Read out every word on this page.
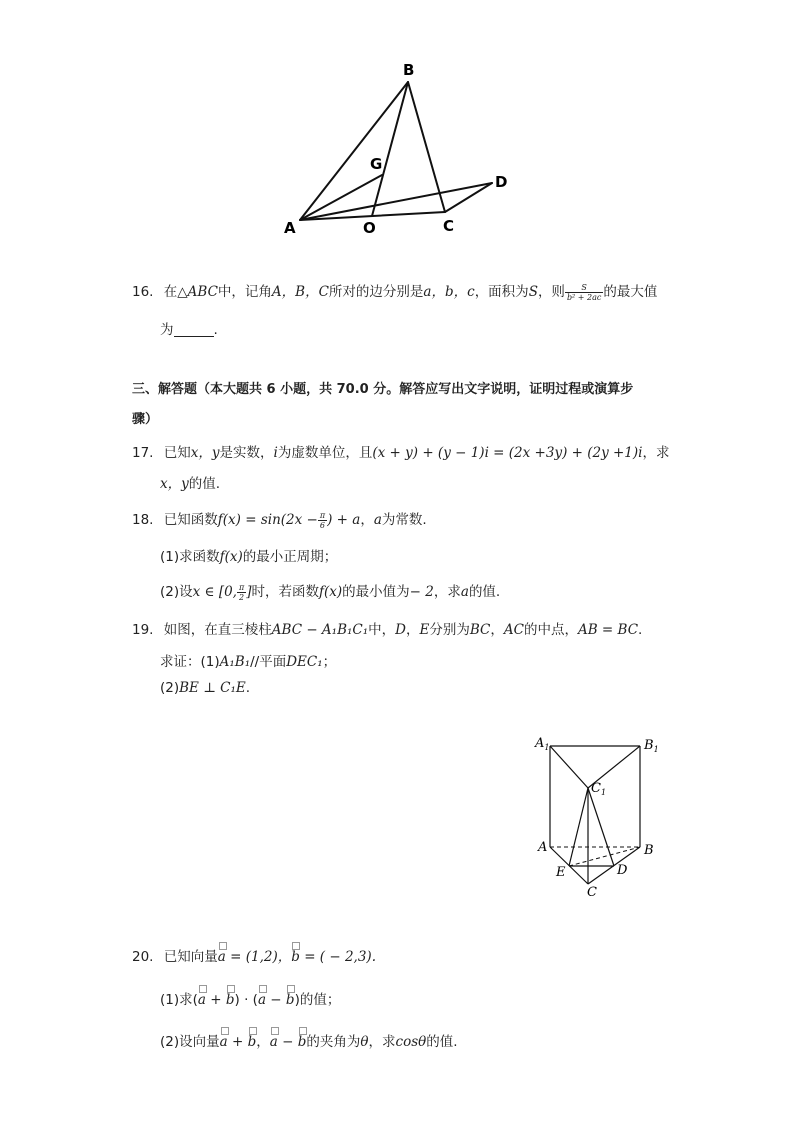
B
G
D
A	O	C
16. 在△ABC中，记角A，B，C所对的边分别是a，b，c，面积为S，则 $\frac{S}{\text{b² + 2ac}}$ 的最大值
为	.
三、解答题（本大题共 6 小题，共 70.0 分。解答应写出文字说明，证明过程或演算步
骤）
17. 已知x，y是实数，i为虚数单位，且(x + y) + (y − 1)i = (2x +3y) + (2y +1)i，求
x，y的值.
18. 已知函数$f(x) = \sin(2x - \frac{\pi}{6}$ ) + a，a为常数.
(1)求函数f(x)的最小正周期；
(2)设x ∈ [0, $\frac{\pi}{2}$ ]时，若函数f(x)的最小值为− 2，求a的值.
19. 如图，在直三棱柱ABC − A₁B₁C₁中，D，E分别为BC，AC的中点，AB = BC.
求证：(1)A₁B₁//平面DEC₁；
(2)BE ⊥ C₁E.
$A_1$	$B_1$
$C_1$
A	B
E	D
C
20. 已知向量a = (1,2)，b = ( − 2,3).
(1)求(a + b) · (a − b)的值；
(2)设向量a + b，a − b的夹角为θ，求cosθ的值.
